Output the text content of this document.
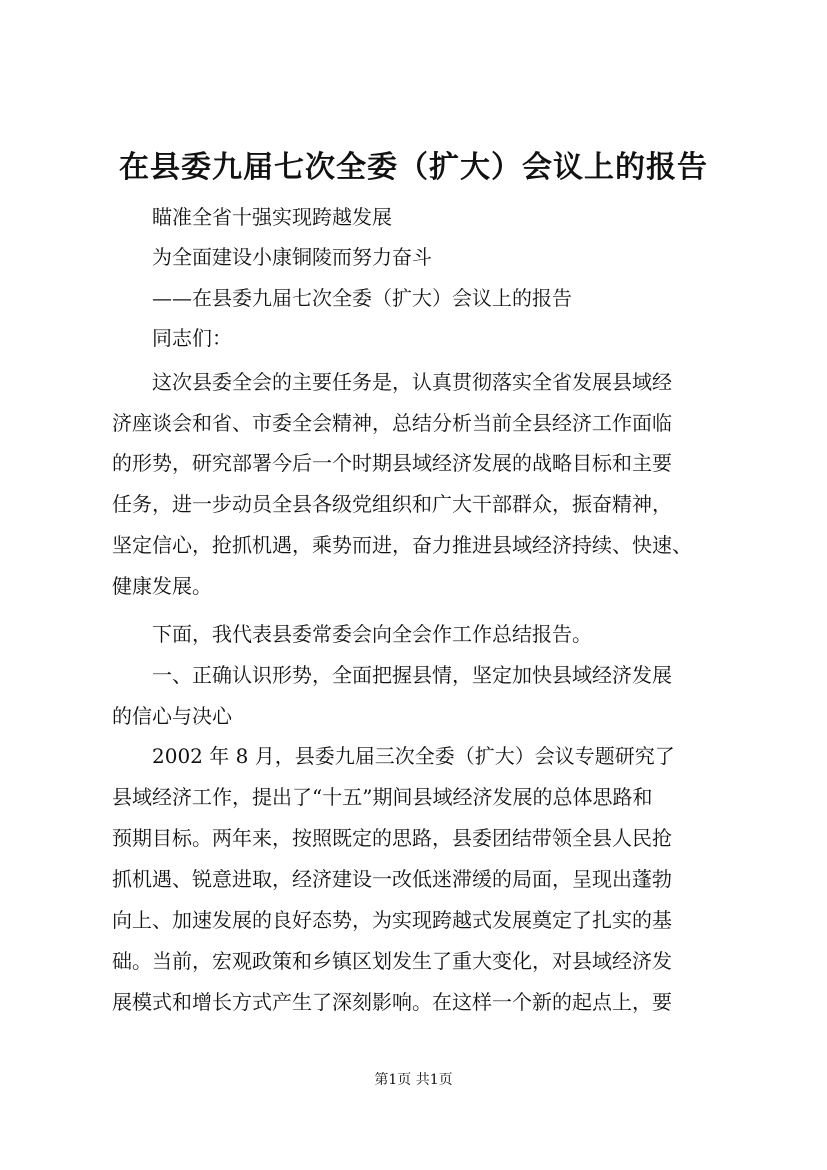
在县委九届七次全委（扩大）会议上的报告

瞄准全省十强实现跨越发展

为全面建设小康铜陵而努力奋斗

——在县委九届七次全委（扩大）会议上的报告

同志们：

这次县委全会的主要任务是，认真贯彻落实全省发展县域经

济座谈会和省、市委全会精神，总结分析当前全县经济工作面临

的形势，研究部署今后一个时期县域经济发展的战略目标和主要

任务，进一步动员全县各级党组织和广大干部群众，振奋精神，

坚定信心，抢抓机遇，乘势而进，奋力推进县域经济持续、快速、

健康发展。

下面，我代表县委常委会向全会作工作总结报告。

一、正确认识形势，全面把握县情，坚定加快县域经济发展

的信心与决心

2002 年 8 月，县委九届三次全委（扩大）会议专题研究了

县域经济工作，提出了“十五”期间县域经济发展的总体思路和

预期目标。两年来，按照既定的思路，县委团结带领全县人民抢

抓机遇、锐意进取，经济建设一改低迷滞缓的局面，呈现出蓬勃

向上、加速发展的良好态势，为实现跨越式发展奠定了扎实的基

础。当前，宏观政策和乡镇区划发生了重大变化，对县域经济发

展模式和增长方式产生了深刻影响。在这样一个新的起点上，要

第1页 共1页
